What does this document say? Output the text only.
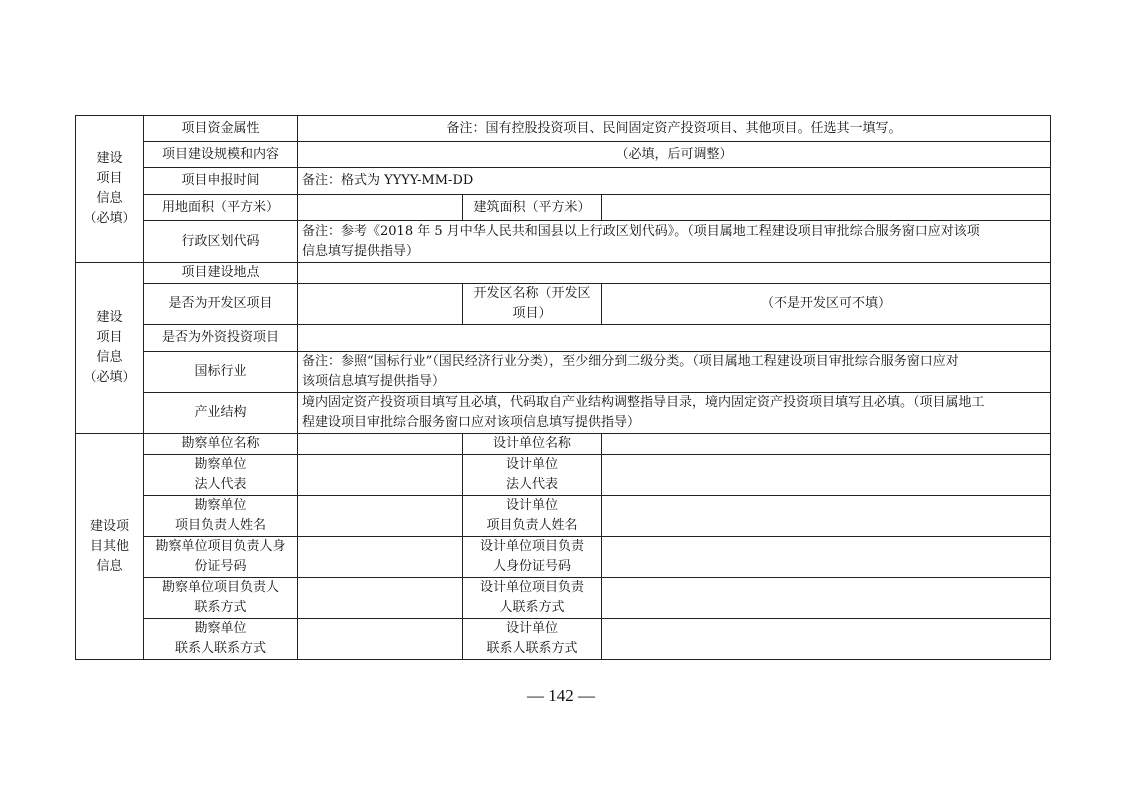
建设
项目
信息
（必填）	项目资金属性	备注：国有控股投资项目、民间固定资产投资项目、其他项目。任选其一填写。		
	项目建设规模和内容	（必填，后可调整）		
	项目申报时间	备注：格式为 YYYY-MM-DD		
	用地面积（平方米）		建筑面积（平方米）	
	行政区划代码	备注：参考《2018 年 5 月中华人民共和国县以上行政区划代码》。（项目属地工程建设项目审批综合服务窗口应对该项
信息填写提供指导）		

建设
项目
信息
（必填）	项目建设地点			
	是否为开发区项目		开发区名称（开发区
项目）	（不是开发区可不填）
	是否为外资投资项目			
	国标行业	备注：参照“国标行业”（国民经济行业分类），至少细分到二级分类。（项目属地工程建设项目审批综合服务窗口应对
该项信息填写提供指导）		

	产业结构	境内固定资产投资项目填写且必填，代码取自产业结构调整指导目录，境内固定资产投资项目填写且必填。（项目属地工
程建设项目审批综合服务窗口应对该项信息填写提供指导）		

建设项
目其他
信息	勘察单位名称		设计单位名称	

	勘察单位
法人代表		设计单位
法人代表	

	勘察单位
项目负责人姓名		设计单位
项目负责人姓名	

	勘察单位项目负责人身
份证号码		设计单位项目负责
人身份证号码	

	勘察单位项目负责人
联系方式		设计单位项目负责
人联系方式	

	勘察单位
联系人联系方式		设计单位
联系人联系方式	

— 142 —
